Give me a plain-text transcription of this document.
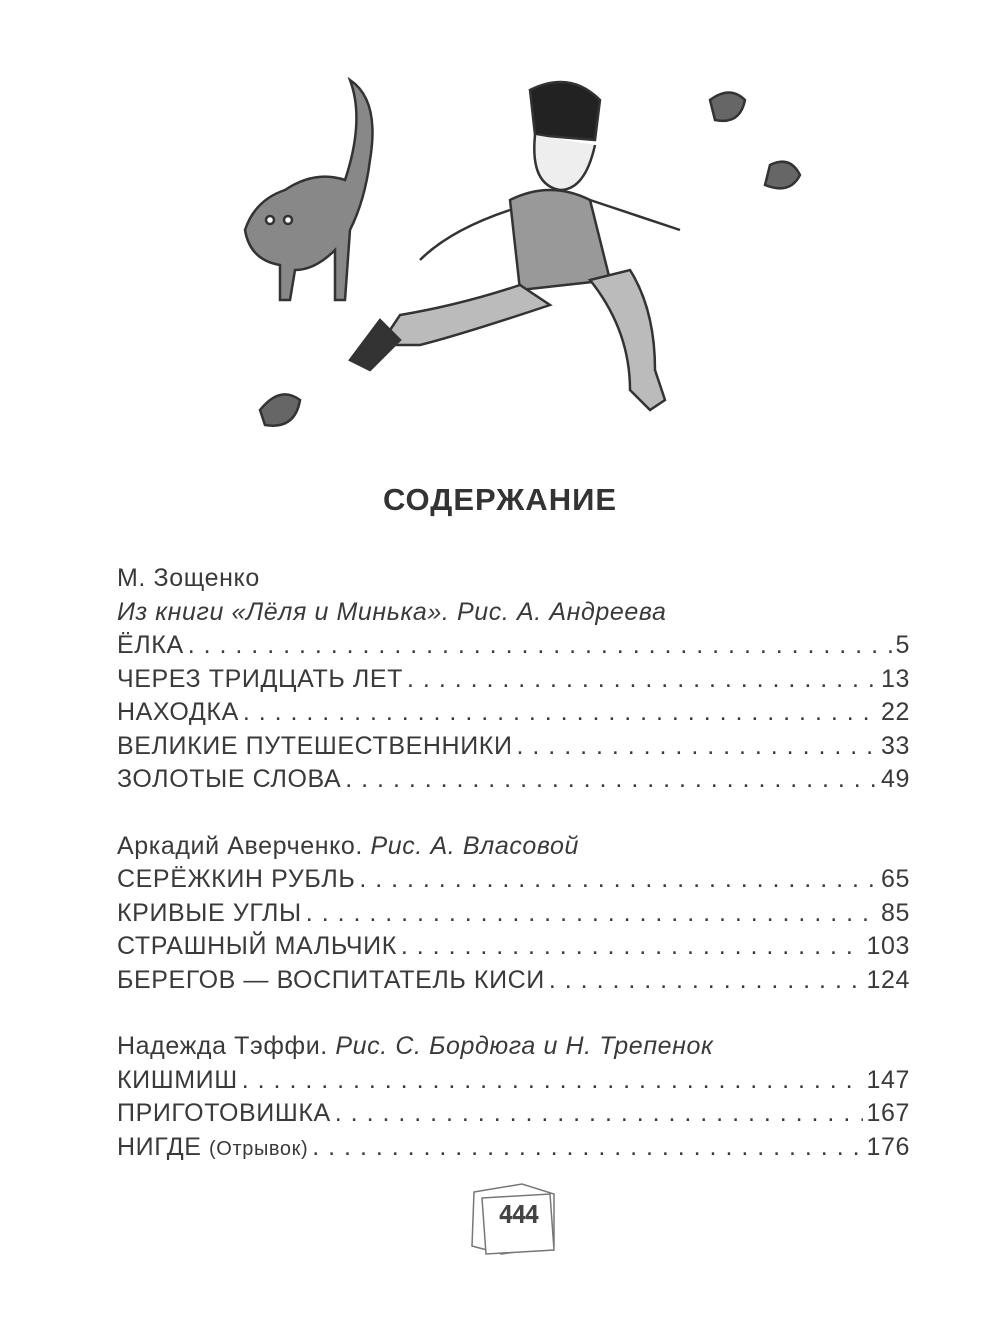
СОДЕРЖАНИЕ
М. Зощенко
Из книги «Лёля и Минька». Рис. А. Андреева
ЁЛКА . . .	5
ЧЕРЕЗ ТРИДЦАТЬ ЛЕТ . . .	13
НАХОДКА . . .	22
ВЕЛИКИЕ ПУТЕШЕСТВЕННИКИ . . .	33
ЗОЛОТЫЕ СЛОВА . . .	49
Аркадий Аверченко. Рис. А. Власовой
СЕРЁЖКИН РУБЛЬ . . .	65
КРИВЫЕ УГЛЫ . . .	85
СТРАШНЫЙ МАЛЬЧИК . . .	103
БЕРЕГОВ — ВОСПИТАТЕЛЬ КИСИ . . .	124
Надежда Тэффи. Рис. С. Бордюга и Н. Трепенок
КИШМИШ . . .	147
ПРИГОТОВИШКА . . .	167
НИГДЕ (Отрывок) . . .	176
444
